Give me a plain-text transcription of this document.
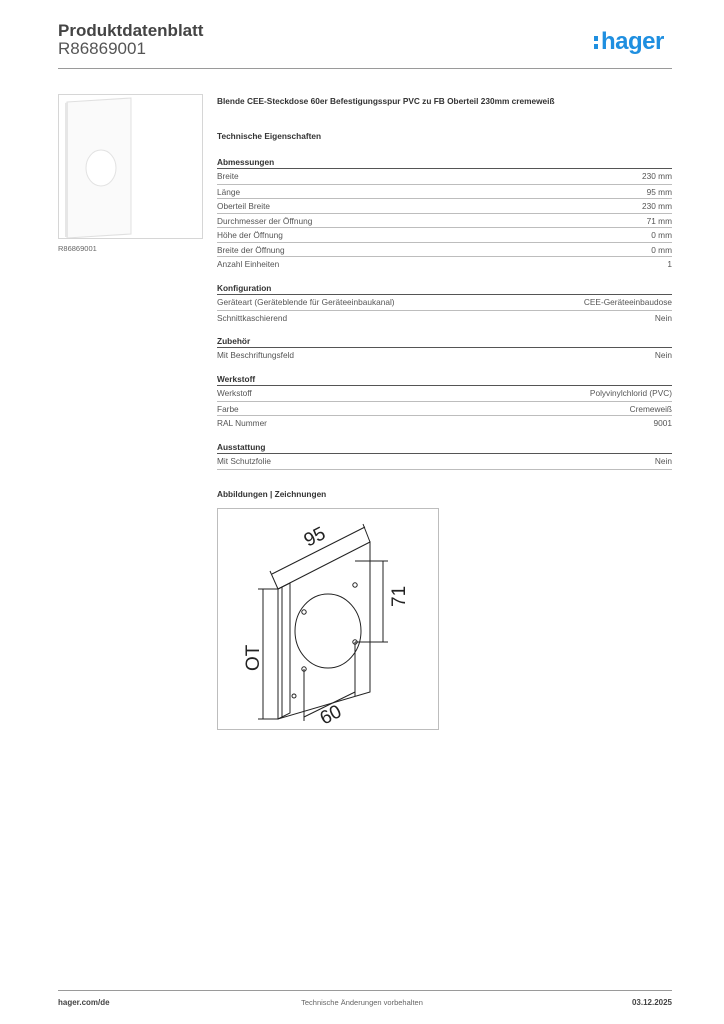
Produktdatenblatt
R86869001	hager
R86869001
Blende CEE-Steckdose 60er Befestigungsspur PVC zu FB Oberteil 230mm cremeweiß
Technische Eigenschaften
Abmessungen
Breite	230 mm
Länge	95 mm
Oberteil Breite	230 mm
Durchmesser der Öffnung	71 mm
Höhe der Öffnung	0 mm
Breite der Öffnung	0 mm
Anzahl Einheiten	1
Konfiguration
Geräteart (Geräteblende für Geräteeinbaukanal)	CEE-Geräteeinbaudose
Schnittkaschierend	Nein
Zubehör
Mit Beschriftungsfeld	Nein
Werkstoff
Werkstoff	Polyvinylchlorid (PVC)
Farbe	Cremeweiß
RAL Nummer	9001
Ausstattung
Mit Schutzfolie	Nein
Abbildungen | Zeichnungen
95
71
OT
60
hager.com/de	Technische Änderungen vorbehalten	03.12.2025
